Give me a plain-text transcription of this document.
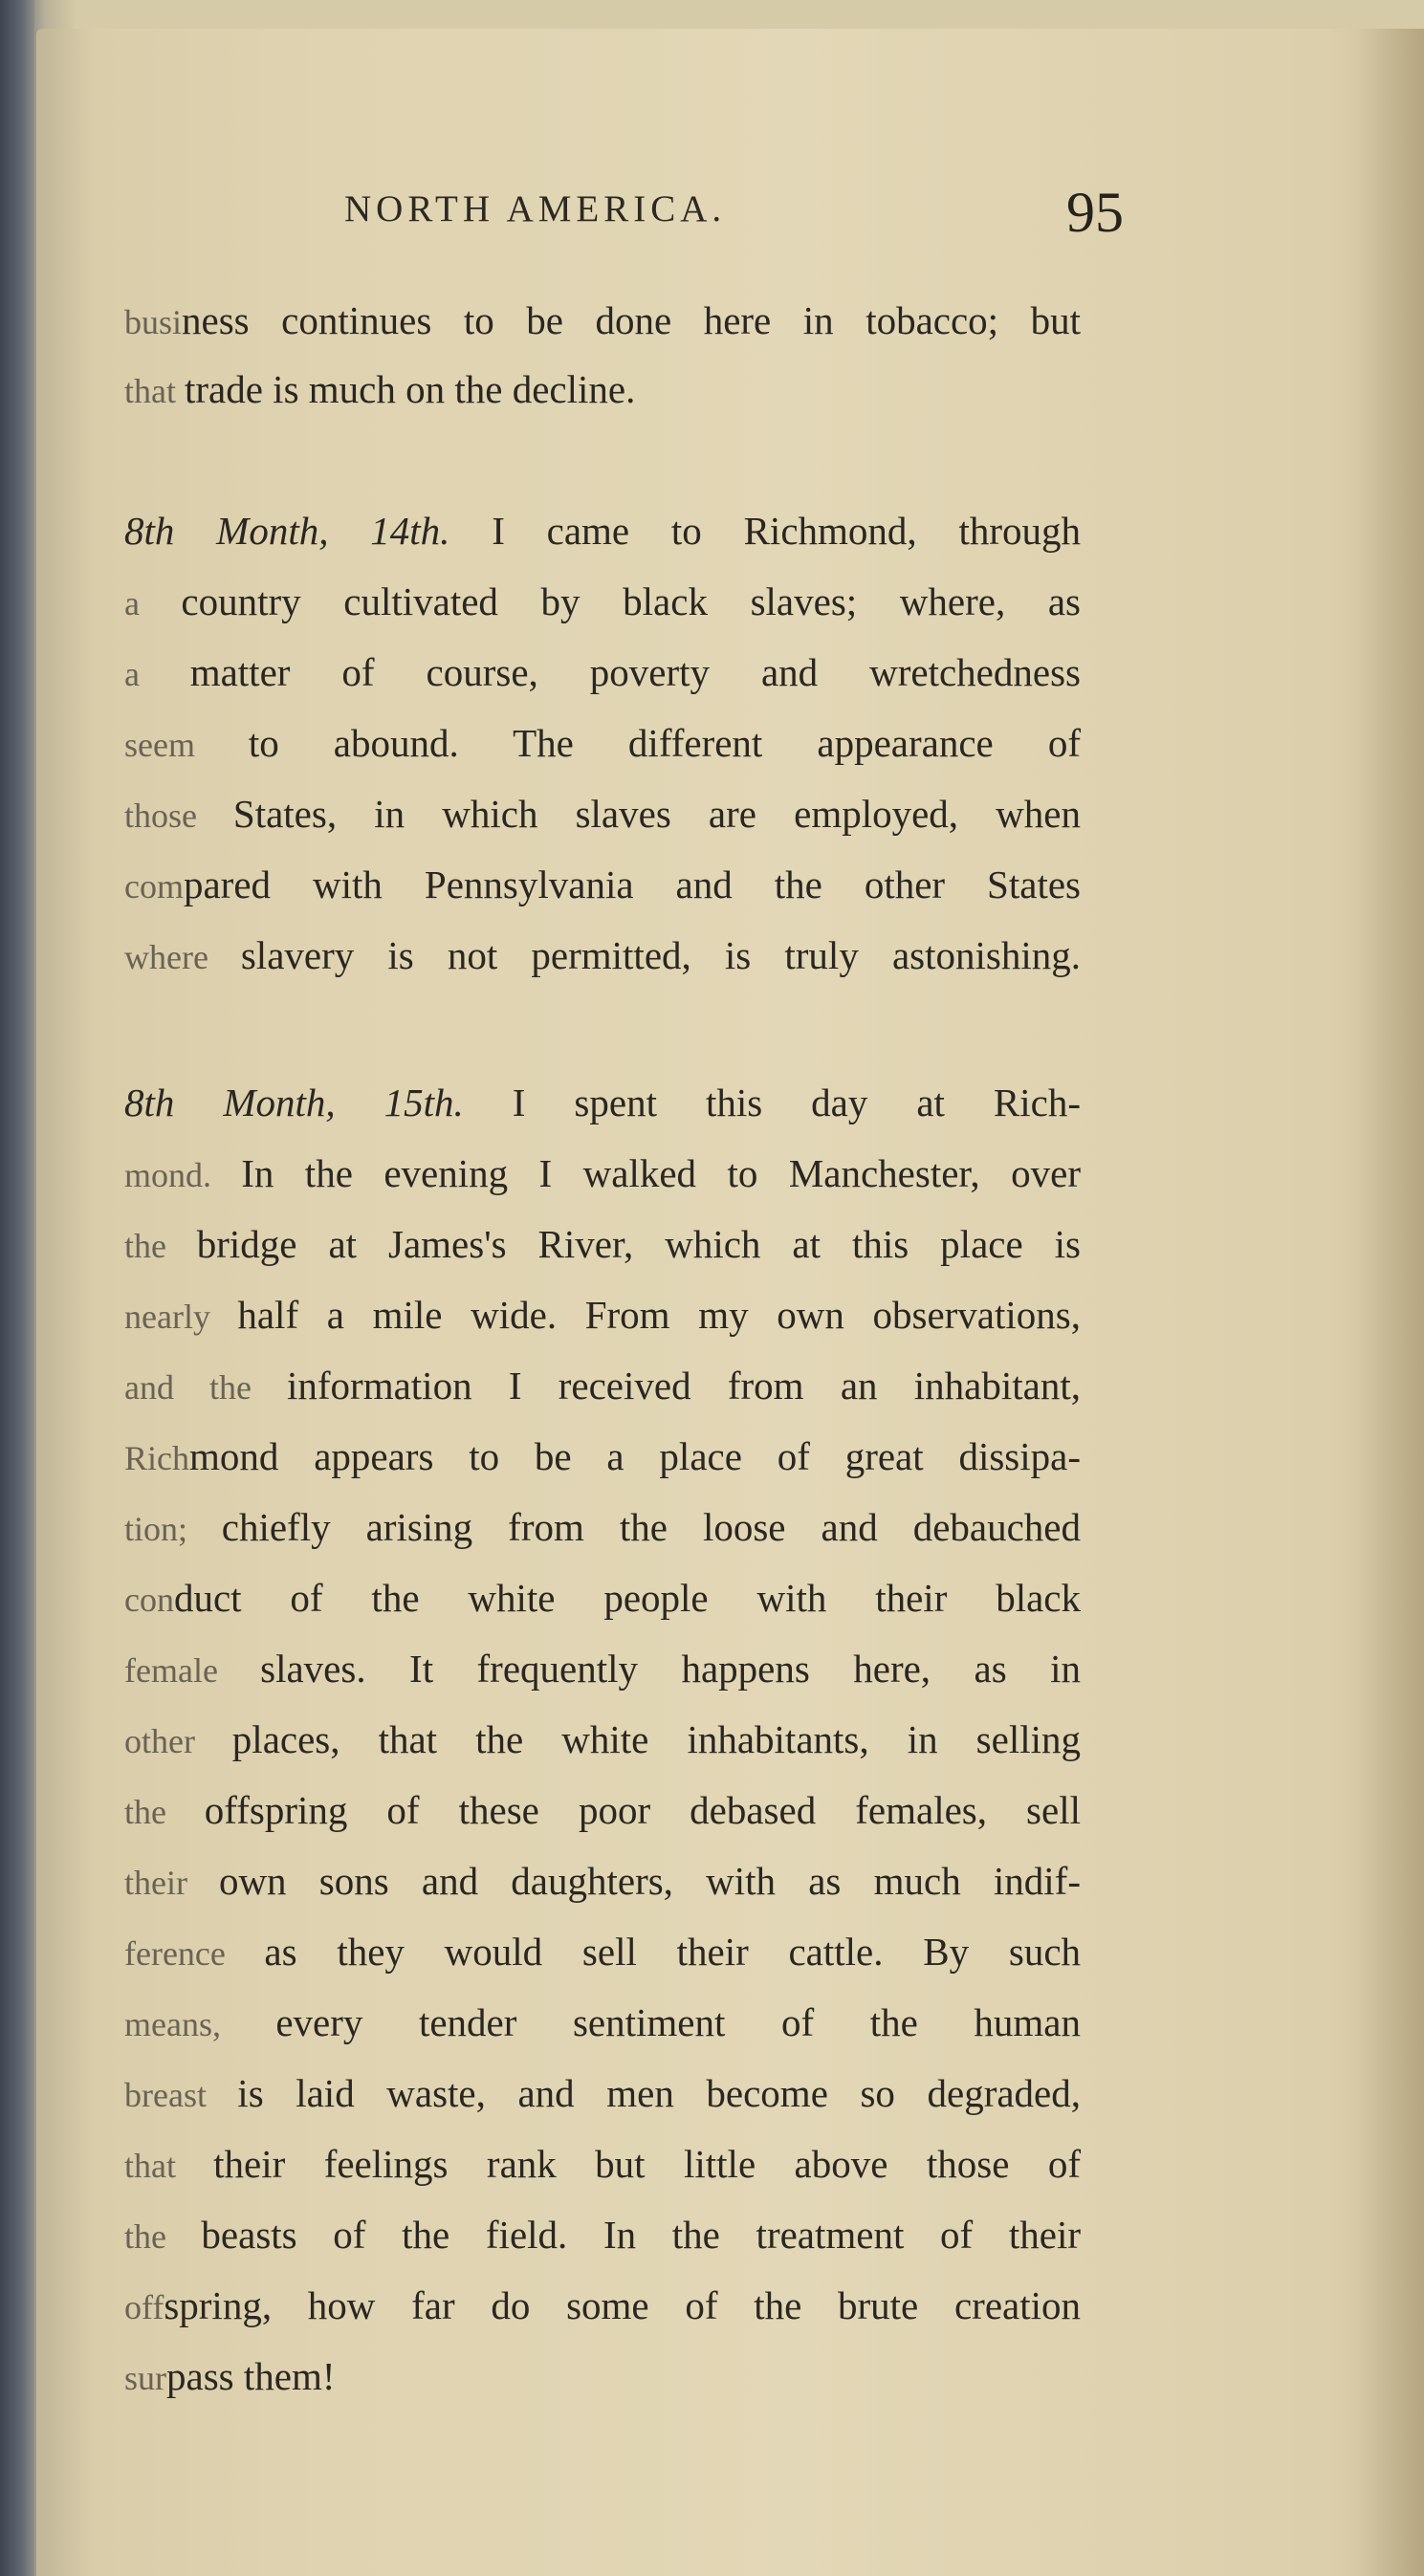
NORTH AMERICA.	95
business continues to be done here in tobacco; but
that trade is much on the decline.
8th Month, 14th. I came to Richmond, through
a country cultivated by black slaves; where, as
a matter of course, poverty and wretchedness
seem to abound. The different appearance of
those States, in which slaves are employed, when
compared with Pennsylvania and the other States
where slavery is not permitted, is truly astonishing.
8th Month, 15th. I spent this day at Rich-
mond. In the evening I walked to Manchester, over
the bridge at James's River, which at this place is
nearly half a mile wide. From my own observations,
and the information I received from an inhabitant,
Richmond appears to be a place of great dissipa-
tion; chiefly arising from the loose and debauched
conduct of the white people with their black
female slaves. It frequently happens here, as in
other places, that the white inhabitants, in selling
the offspring of these poor debased females, sell
their own sons and daughters, with as much indif-
ference as they would sell their cattle. By such
means, every tender sentiment of the human
breast is laid waste, and men become so degraded,
that their feelings rank but little above those of
the beasts of the field. In the treatment of their
offspring, how far do some of the brute creation
surpass them!
